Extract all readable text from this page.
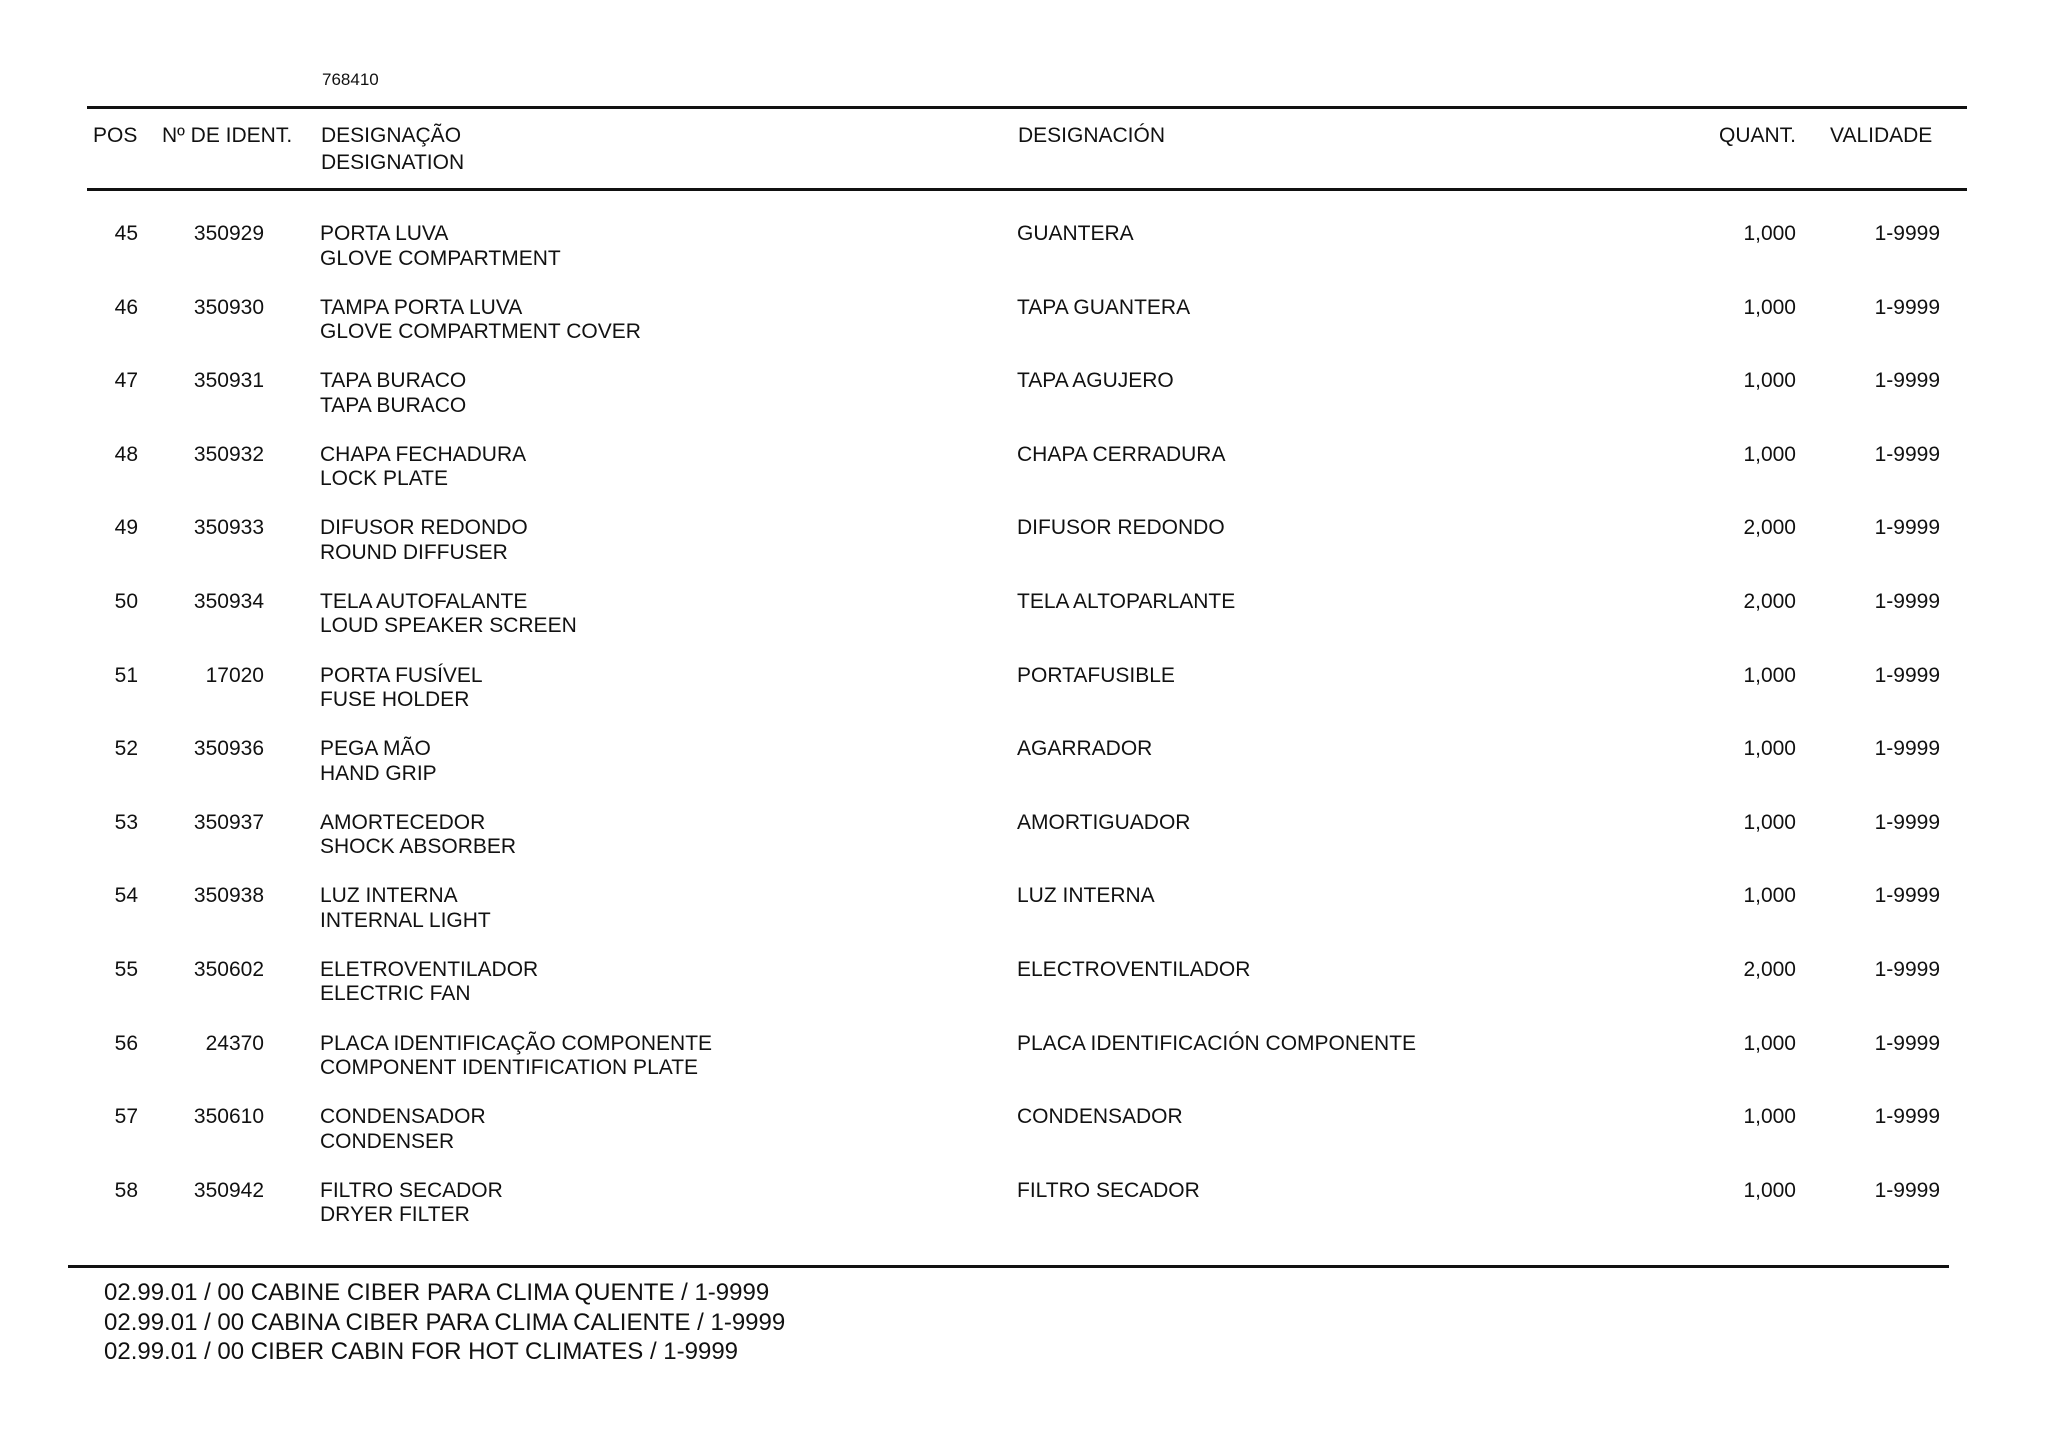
768410
POS Nº DE IDENT. DESIGNAÇÃO
DESIGNATION
DESIGNACIÓN	QUANT. VALIDADE
45	350929	PORTA LUVA
GLOVE COMPARTMENT
GUANTERA	1,000	1-9999
46	350930	TAMPA PORTA LUVA
GLOVE COMPARTMENT COVER
TAPA GUANTERA	1,000	1-9999
47	350931	TAPA BURACO
TAPA BURACO
TAPA AGUJERO	1,000	1-9999
48	350932	CHAPA FECHADURA
LOCK PLATE
CHAPA CERRADURA	1,000	1-9999
49	350933	DIFUSOR REDONDO
ROUND DIFFUSER
DIFUSOR REDONDO	2,000	1-9999
50	350934	TELA AUTOFALANTE
LOUD SPEAKER SCREEN
TELA ALTOPARLANTE	2,000	1-9999
51	17020	PORTA FUSÍVEL
FUSE HOLDER
PORTAFUSIBLE	1,000	1-9999
52	350936	PEGA MÃO
HAND GRIP
AGARRADOR	1,000	1-9999
53	350937	AMORTECEDOR
SHOCK ABSORBER
AMORTIGUADOR	1,000	1-9999
54	350938	LUZ INTERNA
INTERNAL LIGHT
LUZ INTERNA	1,000	1-9999
55	350602	ELETROVENTILADOR
ELECTRIC FAN
ELECTROVENTILADOR	2,000	1-9999
56	24370	PLACA IDENTIFICAÇÃO COMPONENTE
COMPONENT IDENTIFICATION PLATE
PLACA IDENTIFICACIÓN COMPONENTE	1,000	1-9999
57	350610	CONDENSADOR
CONDENSER
CONDENSADOR	1,000	1-9999
58	350942	FILTRO SECADOR
DRYER FILTER
FILTRO SECADOR	1,000	1-9999
02.99.01 / 00 CABINE CIBER PARA CLIMA QUENTE / 1-9999
02.99.01 / 00 CABINA CIBER PARA CLIMA CALIENTE / 1-9999
02.99.01 / 00 CIBER CABIN FOR HOT CLIMATES / 1-9999
